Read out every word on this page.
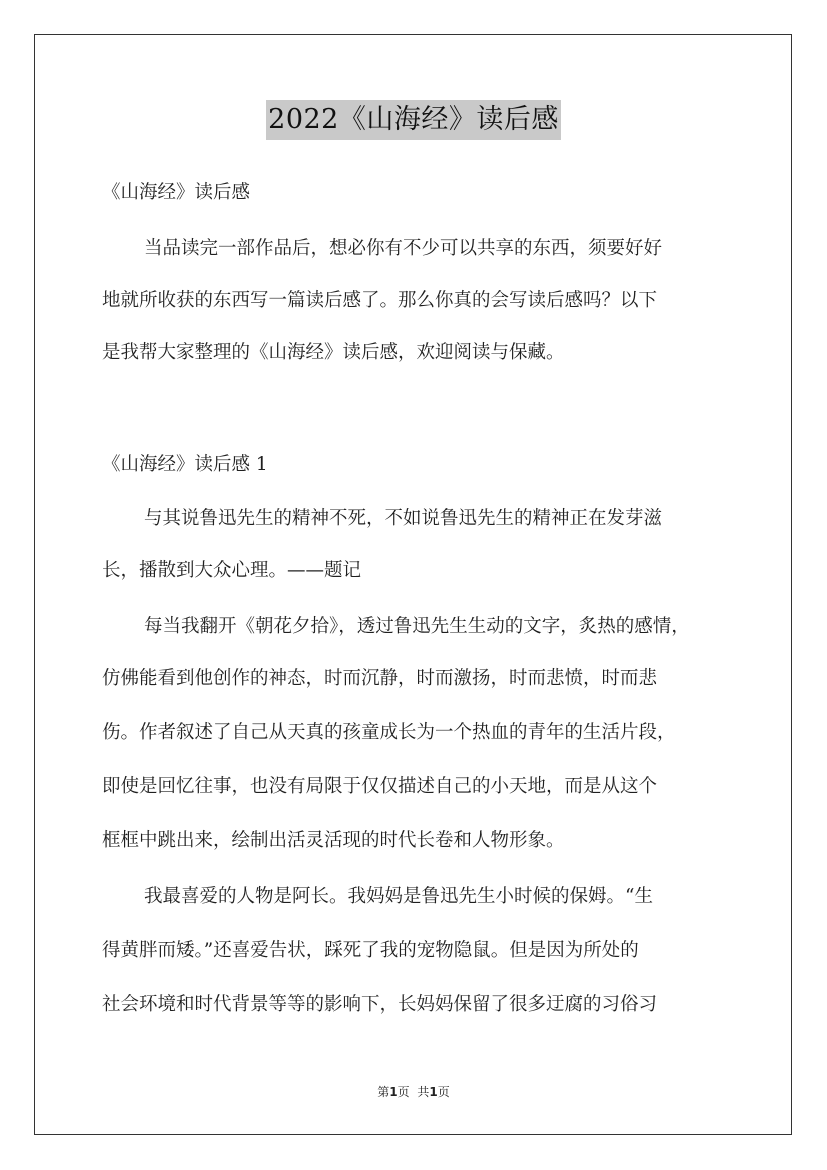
2022《山海经》读后感
《山海经》读后感
当品读完一部作品后，想必你有不少可以共享的东西，须要好好
地就所收获的东西写一篇读后感了。那么你真的会写读后感吗？以下
是我帮大家整理的《山海经》读后感，欢迎阅读与保藏。
《山海经》读后感 1
与其说鲁迅先生的精神不死，不如说鲁迅先生的精神正在发芽滋
长，播散到大众心理。——题记
每当我翻开《朝花夕拾》，透过鲁迅先生生动的文字，炙热的感情，
仿佛能看到他创作的神态，时而沉静，时而激扬，时而悲愤，时而悲
伤。作者叙述了自己从天真的孩童成长为一个热血的青年的生活片段，
即使是回忆往事，也没有局限于仅仅描述自己的小天地，而是从这个
框框中跳出来，绘制出活灵活现的时代长卷和人物形象。
我最喜爱的人物是阿长。我妈妈是鲁迅先生小时候的保姆。“生
得黄胖而矮。”还喜爱告状，踩死了我的宠物隐鼠。但是因为所处的
社会环境和时代背景等等的影响下，长妈妈保留了很多迂腐的习俗习
第1页 共1页
